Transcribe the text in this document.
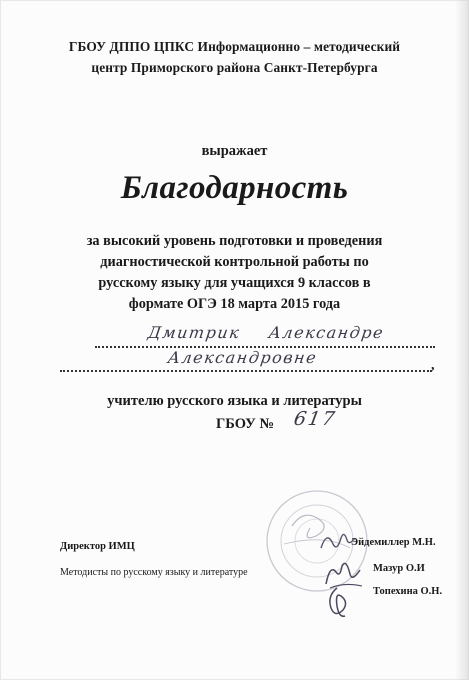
ГБОУ ДППО ЦПКС Информационно – методический
центр Приморского района Санкт-Петербурга
выражает
Благодарность
за высокий уровень подготовки и проведения
диагностической контрольной работы по
русскому языку для учащихся 9 классов в
формате ОГЭ 18 марта 2015 года
Дмитрик Александре
Александровне	,
учителю русского языка и литературы
ГБОУ № 617
Директор ИМЦ
Методисты по русскому языку и литературе
Эйдемиллер М.Н.
Мазур О.И
Топехина О.Н.
